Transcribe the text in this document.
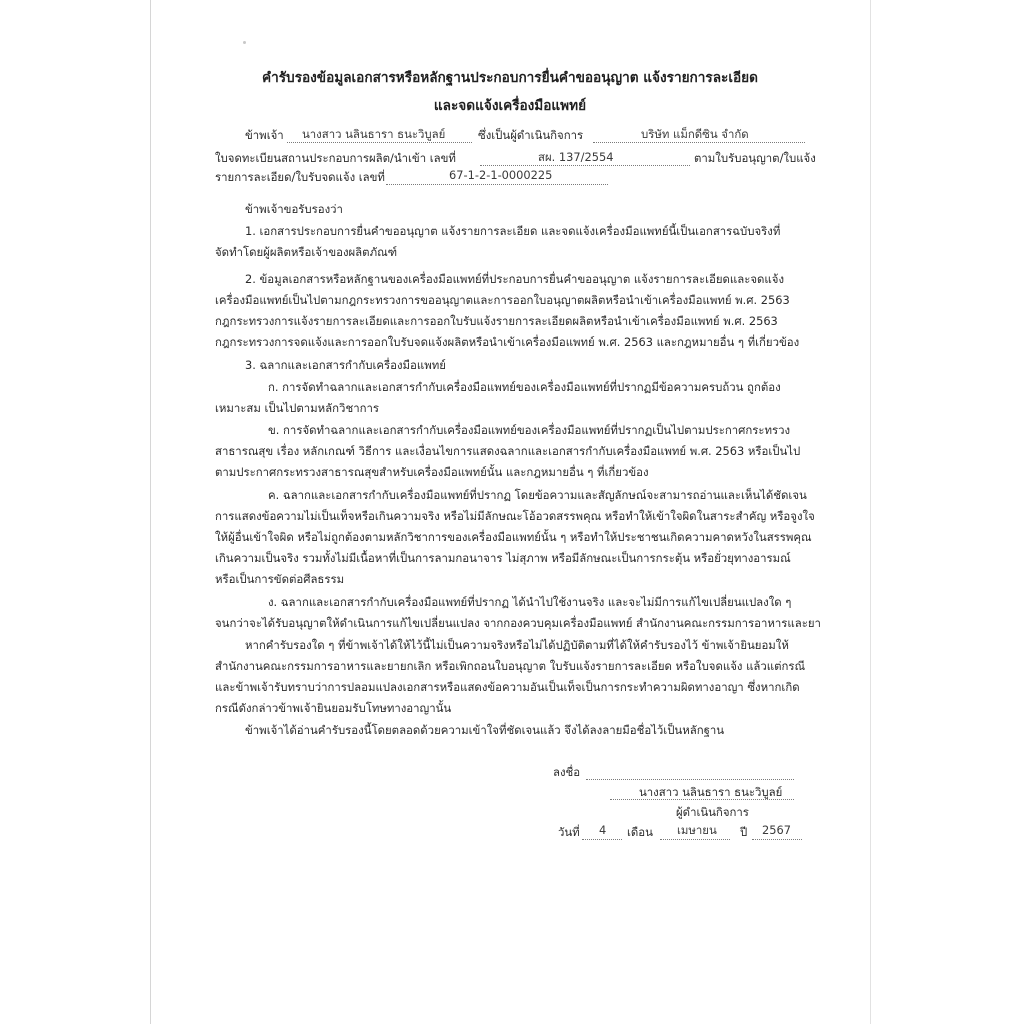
คำรับรองข้อมูลเอกสารหรือหลักฐานประกอบการยื่นคำขออนุญาต แจ้งรายการละเอียด
และจดแจ้งเครื่องมือแพทย์
ข้าพเจ้า นางสาว นลินธารา ธนะวิบูลย์	ซึ่งเป็นผู้ดำเนินกิจการ	บริษัท แม็กดีซิน จำกัด
ใบจดทะเบียนสถานประกอบการผลิต/นำเข้า เลขที่	สผ. 137/2554	ตามใบรับอนุญาต/ใบแจ้ง
รายการละเอียด/ใบรับจดแจ้ง เลขที่	67-1-2-1-0000225
ข้าพเจ้าขอรับรองว่า
1. เอกสารประกอบการยื่นคำขออนุญาต แจ้งรายการละเอียด และจดแจ้งเครื่องมือแพทย์นี้เป็นเอกสารฉบับจริงที่
จัดทำโดยผู้ผลิตหรือเจ้าของผลิตภัณฑ์
2. ข้อมูลเอกสารหรือหลักฐานของเครื่องมือแพทย์ที่ประกอบการยื่นคำขออนุญาต แจ้งรายการละเอียดและจดแจ้ง
เครื่องมือแพทย์เป็นไปตามกฎกระทรวงการขออนุญาตและการออกใบอนุญาตผลิตหรือนำเข้าเครื่องมือแพทย์ พ.ศ. 2563
กฎกระทรวงการแจ้งรายการละเอียดและการออกใบรับแจ้งรายการละเอียดผลิตหรือนำเข้าเครื่องมือแพทย์ พ.ศ. 2563
กฎกระทรวงการจดแจ้งและการออกใบรับจดแจ้งผลิตหรือนำเข้าเครื่องมือแพทย์ พ.ศ. 2563 และกฎหมายอื่น ๆ ที่เกี่ยวข้อง
3. ฉลากและเอกสารกำกับเครื่องมือแพทย์
ก. การจัดทำฉลากและเอกสารกำกับเครื่องมือแพทย์ของเครื่องมือแพทย์ที่ปรากฏมีข้อความครบถ้วน ถูกต้อง
เหมาะสม เป็นไปตามหลักวิชาการ
ข. การจัดทำฉลากและเอกสารกำกับเครื่องมือแพทย์ของเครื่องมือแพทย์ที่ปรากฏเป็นไปตามประกาศกระทรวง
สาธารณสุข เรื่อง หลักเกณฑ์ วิธีการ และเงื่อนไขการแสดงฉลากและเอกสารกำกับเครื่องมือแพทย์ พ.ศ. 2563 หรือเป็นไป
ตามประกาศกระทรวงสาธารณสุขสำหรับเครื่องมือแพทย์นั้น และกฎหมายอื่น ๆ ที่เกี่ยวข้อง
ค. ฉลากและเอกสารกำกับเครื่องมือแพทย์ที่ปรากฏ โดยข้อความและสัญลักษณ์จะสามารถอ่านและเห็นได้ชัดเจน
การแสดงข้อความไม่เป็นเท็จหรือเกินความจริง หรือไม่มีลักษณะโอ้อวดสรรพคุณ หรือทำให้เข้าใจผิดในสาระสำคัญ หรือจูงใจ
ให้ผู้อื่นเข้าใจผิด หรือไม่ถูกต้องตามหลักวิชาการของเครื่องมือแพทย์นั้น ๆ หรือทำให้ประชาชนเกิดความคาดหวังในสรรพคุณ
เกินความเป็นจริง รวมทั้งไม่มีเนื้อหาที่เป็นการลามกอนาจาร ไม่สุภาพ หรือมีลักษณะเป็นการกระตุ้น หรือยั่วยุทางอารมณ์
หรือเป็นการขัดต่อศีลธรรม
ง. ฉลากและเอกสารกำกับเครื่องมือแพทย์ที่ปรากฏ ได้นำไปใช้งานจริง และจะไม่มีการแก้ไขเปลี่ยนแปลงใด ๆ
จนกว่าจะได้รับอนุญาตให้ดำเนินการแก้ไขเปลี่ยนแปลง จากกองควบคุมเครื่องมือแพทย์ สำนักงานคณะกรรมการอาหารและยา
หากคำรับรองใด ๆ ที่ข้าพเจ้าได้ให้ไว้นี้ไม่เป็นความจริงหรือไม่ได้ปฏิบัติตามที่ได้ให้คำรับรองไว้ ข้าพเจ้ายินยอมให้
สำนักงานคณะกรรมการอาหารและยายกเลิก หรือเพิกถอนใบอนุญาต ใบรับแจ้งรายการละเอียด หรือใบจดแจ้ง แล้วแต่กรณี
และข้าพเจ้ารับทราบว่าการปลอมแปลงเอกสารหรือแสดงข้อความอันเป็นเท็จเป็นการกระทำความผิดทางอาญา ซึ่งหากเกิด
กรณีดังกล่าวข้าพเจ้ายินยอมรับโทษทางอาญานั้น
ข้าพเจ้าได้อ่านคำรับรองนี้โดยตลอดด้วยความเข้าใจที่ชัดเจนแล้ว จึงได้ลงลายมือชื่อไว้เป็นหลักฐาน
ลงชื่อ
นางสาว นลินธารา ธนะวิบูลย์
ผู้ดำเนินกิจการ
วันที่ 4 เดือน เมษายน ปี 2567
